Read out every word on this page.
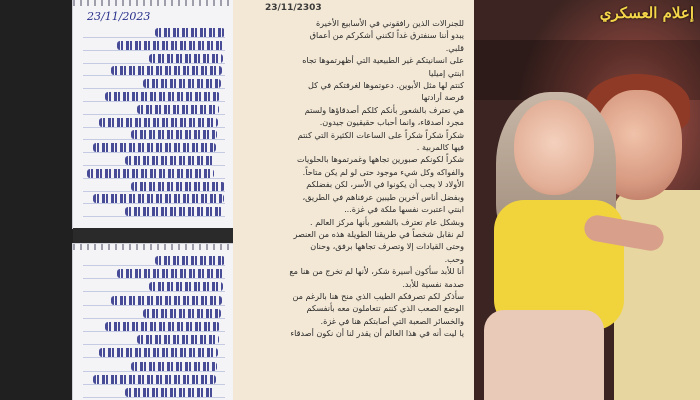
23/11/2023
23/11/2303
للجنرالات الذين رافقوني في الأسابيع الأخيرة
يبدو أننا سنفترق غداً لكنني أشكركم من أعماق
قلبي.
على انسانيتكم غير الطبيعية التي أظهرتموها تجاه
ابنتي إميليا
كنتم لها مثل الأبوين. دعوتموها لغرفتكم في كل
فرصة أرادتها
هي تعترف بالشعور بأنكم كلكم أصدقاؤها ولستم
مجرد أصدقاء، وانما أحباب حقيقيون جيدون.
شكراً شكراً شكراً على الساعات الكثيرة التي كنتم
فيها كالمربية .
شكراً لكونكم صبورين تجاهها وغمرتموها بالحلويات
والفواكه وكل شيء موجود حتى لو لم يكن متاحاً.
الأولاد لا يجب أن يكونوا في الأسر، لكن بفضلكم
وبفضل أناس آخرين طيبين عرفناهم في الطريق،
ابنتي اعتبرت نفسها ملكة في غزة...
وبشكل عام تعترف بالشعور بأنها مركز العالم .
لم نقابل شخصاً في طريقنا الطويلة هذه من العنصر
وحتى القيادات إلا وتصرف تجاهها برفق، وحنان
وحب.
أنا للأبد سأكون أسيرة شكر، لأنها لم تخرج من هنا مع
صدمة نفسية للأبد.
سأذكر لكم تصرفكم الطيب الذي منح هنا بالرغم من
الوضع الصعب الذي كنتم تتعاملون معه بأنفسكم
والخسائر الصعبة التي أصابتكم هنا في غزة.
يا ليت أنه في هذا العالم أن يقدر لنا أن نكون أصدقاء
إعلام العسكري
